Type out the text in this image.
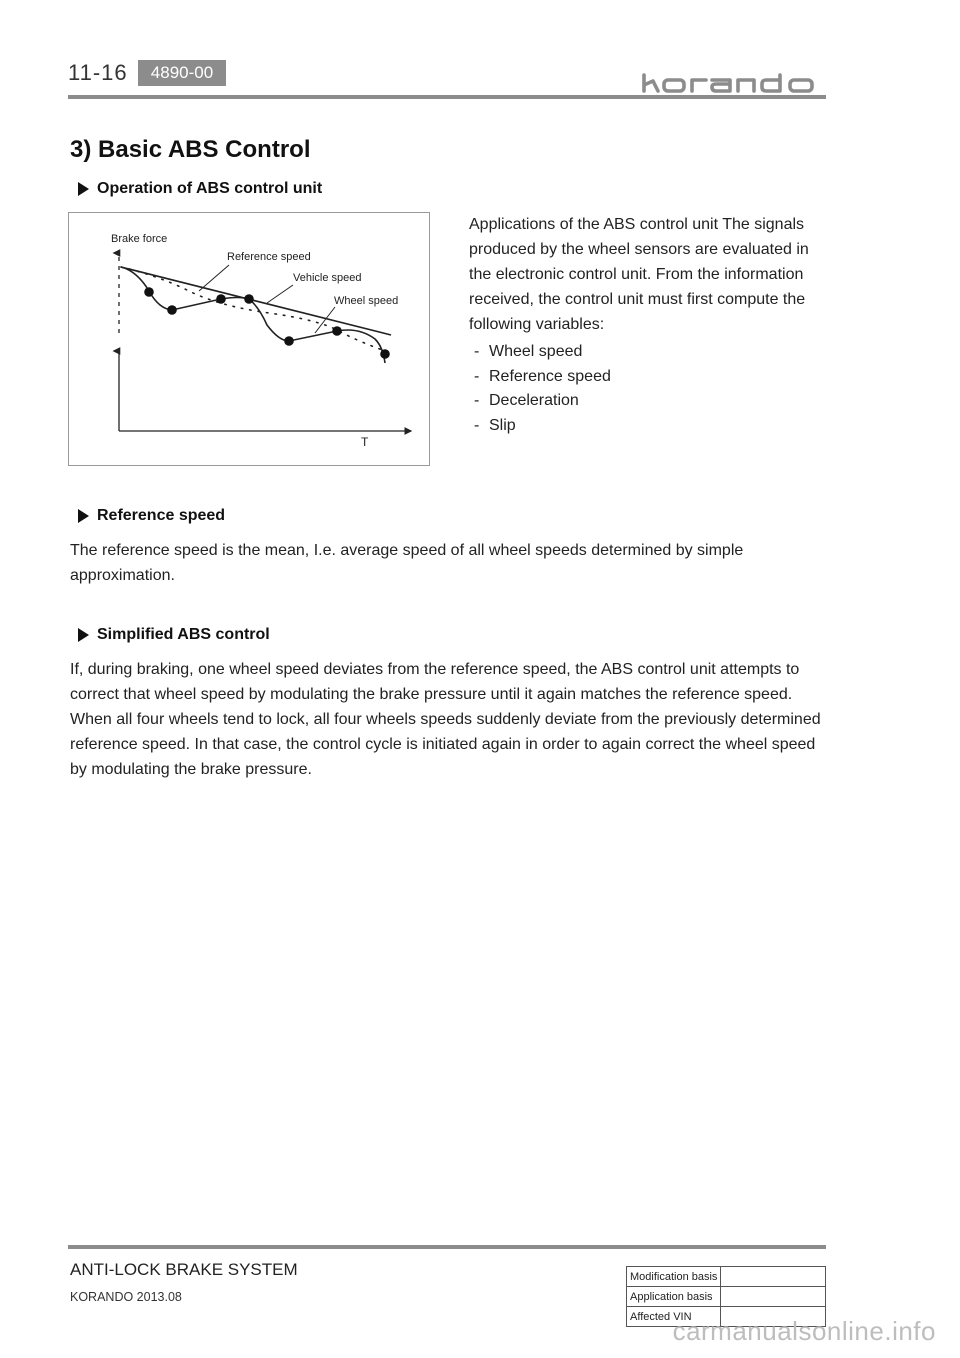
11-16	4890-00
3) Basic ABS Control
Operation of ABS control unit
Brake force
Reference speed
Vehicle speed
Wheel speed
T
Applications of the ABS control unit The signals produced by the wheel sensors are evaluated in the electronic control unit. From the information received, the control unit must first compute the following variables:
- Wheel speed
- Reference speed
- Deceleration
- Slip
Reference speed
The reference speed is the mean, I.e. average speed of all wheel speeds determined by simple approximation.
Simplified ABS control
If, during braking, one wheel speed deviates from the reference speed, the ABS control unit attempts to correct that wheel speed by modulating the brake pressure until it again matches the reference speed. When all four wheels tend to lock, all four wheels speeds suddenly deviate from the previously determined reference speed. In that case, the control cycle is initiated again in order to again correct the wheel speed by modulating the brake pressure.
ANTI-LOCK BRAKE SYSTEM
KORANDO 2013.08
Modification basis	
Application basis	
Affected VIN	
carmanualsonline.info
